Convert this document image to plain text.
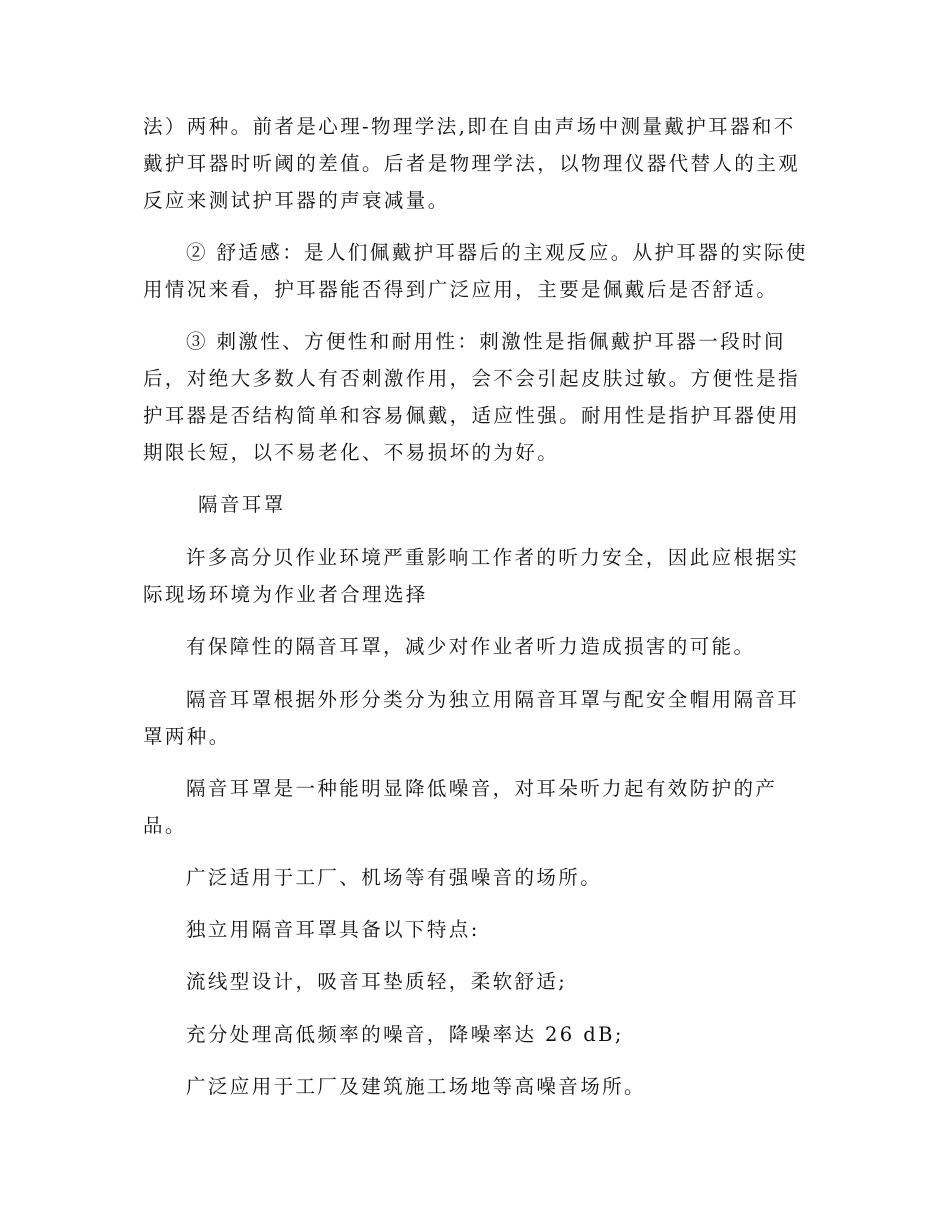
法）两种。前者是心理-物理学法,即在自由声场中测量戴护耳器和不
戴护耳器时听阈的差值。后者是物理学法，以物理仪器代替人的主观
反应来测试护耳器的声衰减量。
② 舒适感：是人们佩戴护耳器后的主观反应。从护耳器的实际使
用情况来看，护耳器能否得到广泛应用，主要是佩戴后是否舒适。
③ 刺激性、方便性和耐用性：刺激性是指佩戴护耳器一段时间
后，对绝大多数人有否刺激作用，会不会引起皮肤过敏。方便性是指
护耳器是否结构简单和容易佩戴，适应性强。耐用性是指护耳器使用
期限长短，以不易老化、不易损坏的为好。
隔音耳罩
许多高分贝作业环境严重影响工作者的听力安全，因此应根据实
际现场环境为作业者合理选择
有保障性的隔音耳罩，减少对作业者听力造成损害的可能。
隔音耳罩根据外形分类分为独立用隔音耳罩与配安全帽用隔音耳
罩两种。
隔音耳罩是一种能明显降低噪音，对耳朵听力起有效防护的产
品。
广泛适用于工厂、机场等有强噪音的场所。
独立用隔音耳罩具备以下特点:
流线型设计，吸音耳垫质轻，柔软舒适;
充分处理高低频率的噪音，降噪率达 26 dB;
广泛应用于工厂及建筑施工场地等高噪音场所。
